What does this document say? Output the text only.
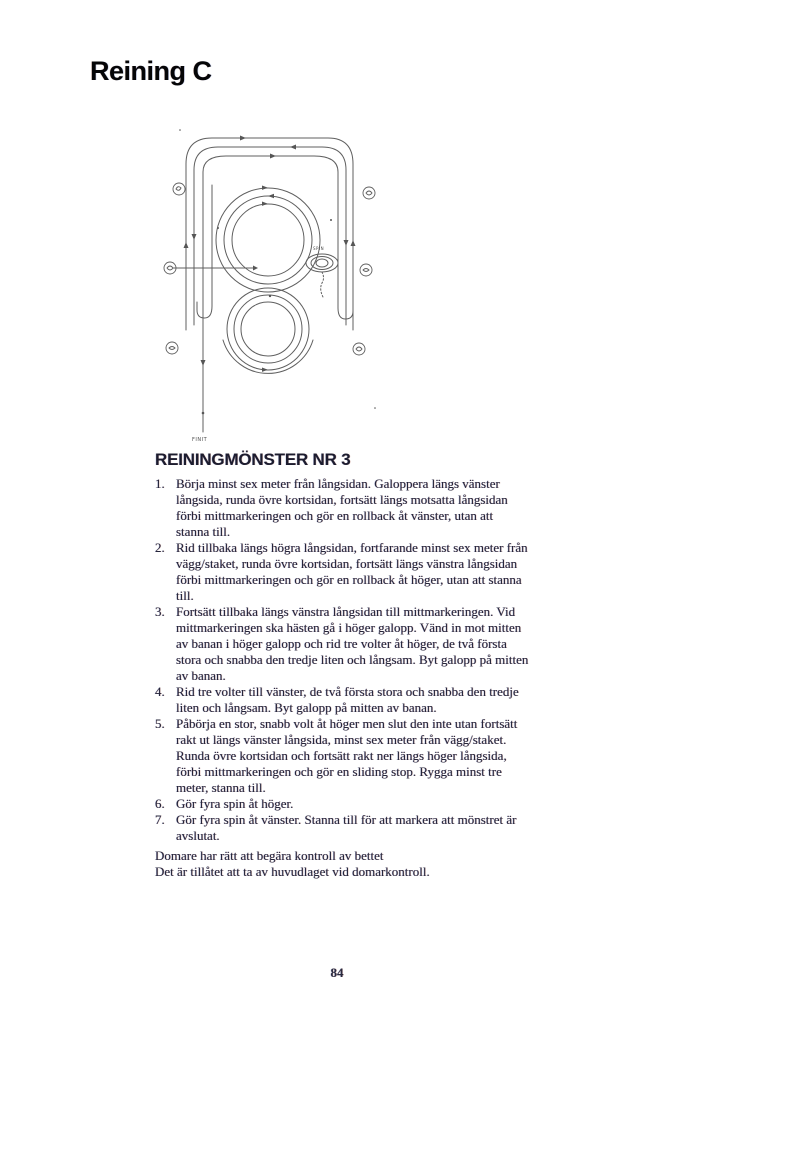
Reining C
FINIT
SPIN
REININGMÖNSTER NR 3
1. Börja minst sex meter från långsidan. Galoppera längs vänster långsida, runda övre kortsidan, fortsätt längs motsatta långsidan förbi mittmarkeringen och gör en rollback åt vänster, utan att stanna till.
2. Rid tillbaka längs högra långsidan, fortfarande minst sex meter från vägg/staket, runda övre kortsidan, fortsätt längs vänstra långsidan förbi mittmarkeringen och gör en rollback åt höger, utan att stanna till.
3. Fortsätt tillbaka längs vänstra långsidan till mittmarkeringen. Vid mittmarkeringen ska hästen gå i höger galopp. Vänd in mot mitten av banan i höger galopp och rid tre volter åt höger, de två första stora och snabba den tredje liten och långsam. Byt galopp på mitten av banan.
4. Rid tre volter till vänster, de två första stora och snabba den tredje liten och långsam. Byt galopp på mitten av banan.
5. Påbörja en stor, snabb volt åt höger men slut den inte utan fortsätt rakt ut längs vänster långsida, minst sex meter från vägg/staket. Runda övre kortsidan och fortsätt rakt ner längs höger långsida, förbi mittmarkeringen och gör en sliding stop. Rygga minst tre meter, stanna till.
6. Gör fyra spin åt höger.
7. Gör fyra spin åt vänster. Stanna till för att markera att mönstret är avslutat.

Domare har rätt att begära kontroll av bettet

Det är tillåtet att ta av huvudlaget vid domarkontroll.

84
